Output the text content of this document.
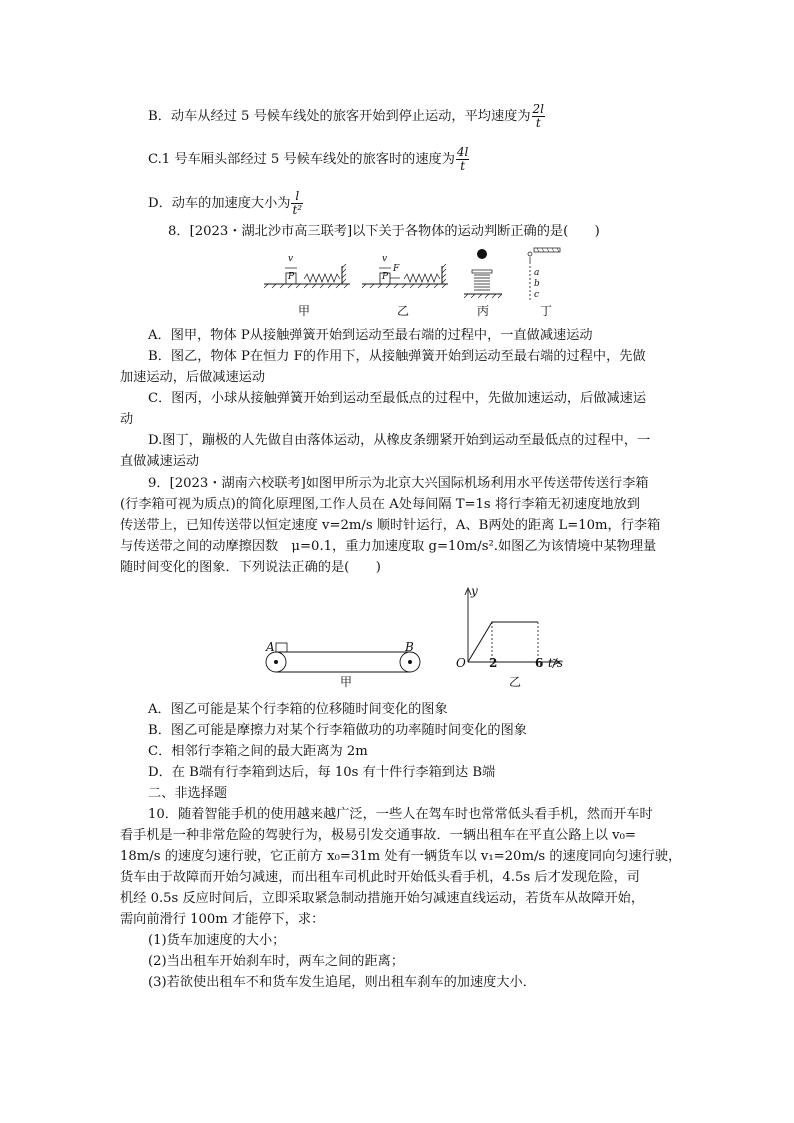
B．动车从经过 5 号候车线处的旅客开始到停止运动，平均速度为 $\frac{2l}{t}$
C.1 号车厢头部经过 5 号候车线处的旅客时的速度为 $\frac{4l}{t}$
D．动车的加速度大小为 $\frac{l}{\text{t²}}$
8．[2023・湖北沙市高三联考]以下关于各物体的运动判断正确的是(　　)
v
P
v
P
F	a
b
c
甲	乙	丙	丁
A．图甲，物体 P从接触弹簧开始到运动至最右端的过程中，一直做减速运动
B．图乙，物体 P在恒力 F的作用下，从接触弹簧开始到运动至最右端的过程中，先做
加速运动，后做减速运动
C．图丙，小球从接触弹簧开始到运动至最低点的过程中，先做加速运动，后做减速运
动
D.图丁，蹦极的人先做自由落体运动，从橡皮条绷紧开始到运动至最低点的过程中，一
直做减速运动
9．[2023・湖南六校联考]如图甲所示为北京大兴国际机场利用水平传送带传送行李箱
(行李箱可视为质点)的简化原理图,工作人员在 A处每间隔 T=1s 将行李箱无初速度地放到
传送带上，已知传送带以恒定速度 v=2m/s 顺时针运行，A、B两处的距离 L=10m，行李箱
与传送带之间的动摩擦因数　μ=0.1，重力加速度取 g=10m/s².如图乙为该情境中某物理量
随时间变化的图象．下列说法正确的是(　　)
A	B
甲
y
t/s
O 2	6
乙
A．图乙可能是某个行李箱的位移随时间变化的图象
B．图乙可能是摩擦力对某个行李箱做功的功率随时间变化的图象
C．相邻行李箱之间的最大距离为 2m
D．在 B端有行李箱到达后，每 10s 有十件行李箱到达 B端
二、非选择题
10．随着智能手机的使用越来越广泛，一些人在驾车时也常常低头看手机，然而开车时
看手机是一种非常危险的驾驶行为，极易引发交通事故．一辆出租车在平直公路上以 v₀=
18m/s 的速度匀速行驶，它正前方 x₀=31m 处有一辆货车以 v₁=20m/s 的速度同向匀速行驶，
货车由于故障而开始匀减速，而出租车司机此时开始低头看手机，4.5s 后才发现危险，司
机经 0.5s 反应时间后，立即采取紧急制动措施开始匀减速直线运动，若货车从故障开始，
需向前滑行 100m 才能停下，求：
(1)货车加速度的大小；
(2)当出租车开始刹车时，两车之间的距离；
(3)若欲使出租车不和货车发生追尾，则出租车刹车的加速度大小．
